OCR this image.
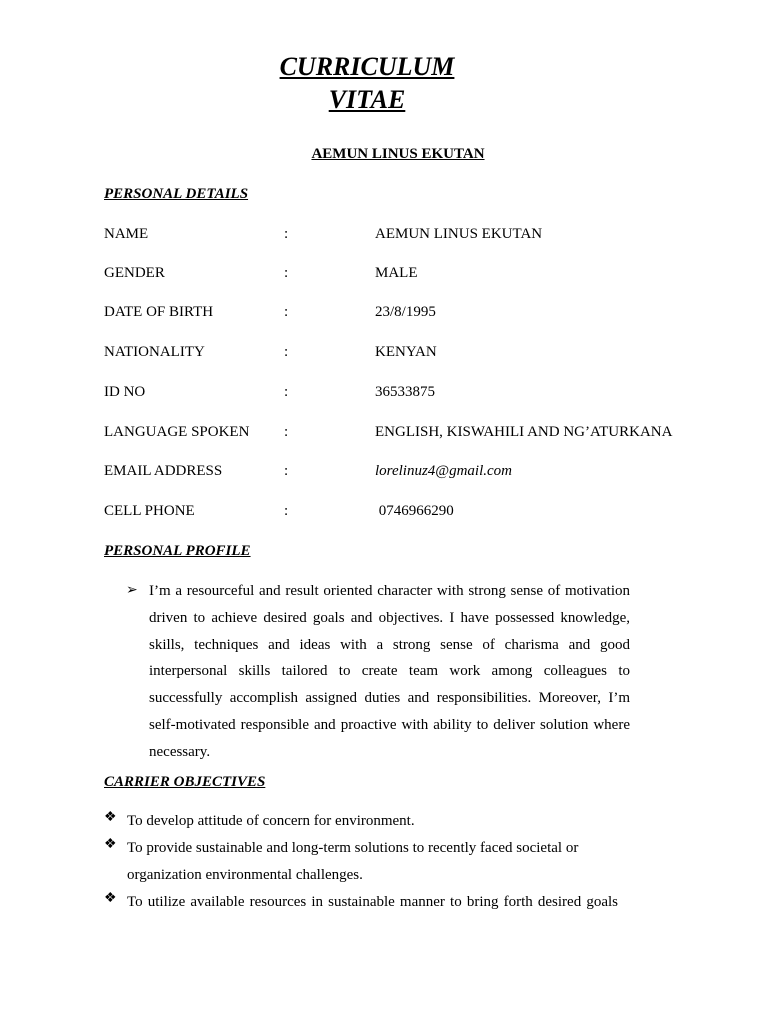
CURRICULUM
VITAE

AEMUN LINUS EKUTAN

PERSONAL DETAILS

NAME	:	AEMUN LINUS EKUTAN
GENDER	:	MALE
DATE OF BIRTH	:	23/8/1995
NATIONALITY	:	KENYAN
ID NO	:	36533875
LANGUAGE SPOKEN :	ENGLISH, KISWAHILI AND NG’ATURKANA
EMAIL ADDRESS	:	lorelinuz4@gmail.com
CELL PHONE	:	0746966290

PERSONAL PROFILE

➢ I’m a resourceful and result oriented character with strong sense of motivation driven to achieve desired goals and objectives. I have possessed knowledge, skills, techniques and ideas with a strong sense of charisma and good interpersonal skills tailored to create team work among colleagues to successfully accomplish assigned duties and responsibilities. Moreover, I’m self-motivated responsible and proactive with ability to deliver solution where necessary.

CARRIER OBJECTIVES

❖ To develop attitude of concern for environment.
❖ To provide sustainable and long-term solutions to recently faced societal or organization environmental challenges.
❖ To utilize available resources in sustainable manner to bring forth desired goals
